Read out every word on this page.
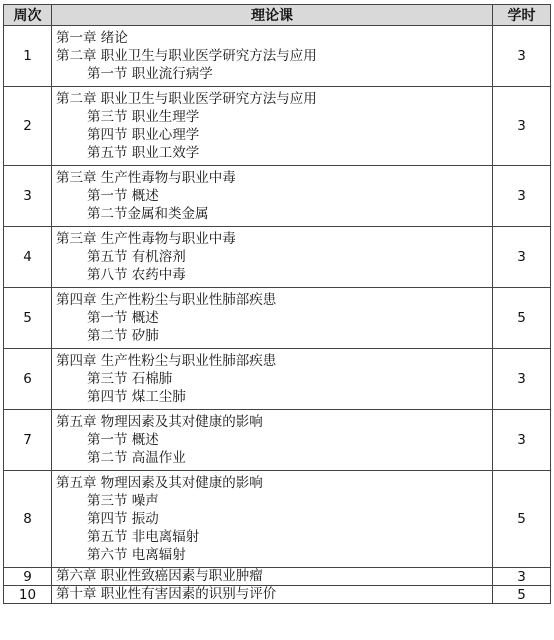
周次	理论课	学时
1	第一章 绪论
第二章 职业卫生与职业医学研究方法与应用
第一节 职业流行病学	3
2	第二章 职业卫生与职业医学研究方法与应用
第三节 职业生理学
第四节 职业心理学
第五节 职业工效学	3
3	第三章 生产性毒物与职业中毒
第一节 概述
第二节金属和类金属	3
4	第三章 生产性毒物与职业中毒
第五节 有机溶剂
第八节 农药中毒	3
5	第四章 生产性粉尘与职业性肺部疾患
第一节 概述
第二节 矽肺	5
6	第四章 生产性粉尘与职业性肺部疾患
第三节 石棉肺
第四节 煤工尘肺	3
7	第五章 物理因素及其对健康的影响
第一节 概述
第二节 高温作业	3
8	第五章 物理因素及其对健康的影响
第三节 噪声
第四节 振动
第五节 非电离辐射
第六节 电离辐射	5
9	第六章 职业性致癌因素与职业肿瘤	3
10	第十章 职业性有害因素的识别与评价	5
